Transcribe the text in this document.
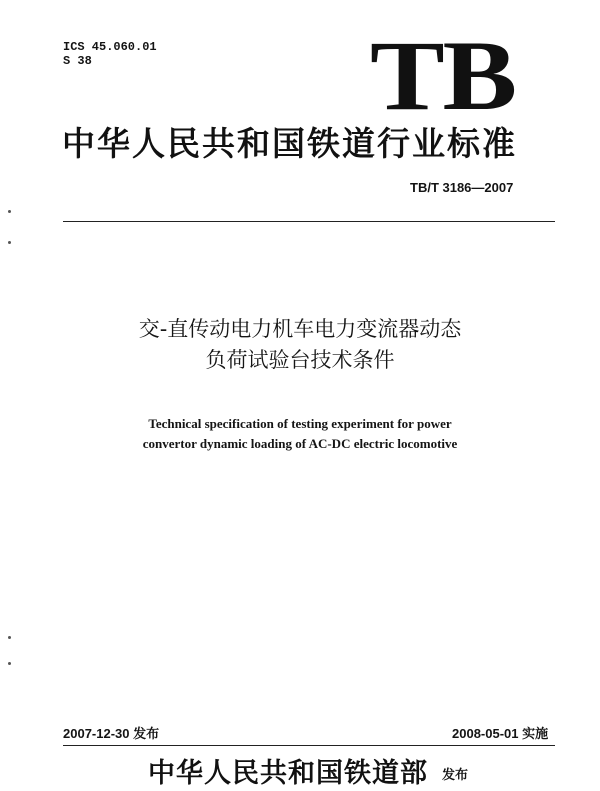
ICS 45.060.01
S 38	TB
中华人民共和国铁道行业标准
TB/T 3186—2007
交-直传动电力机车电力变流器动态
负荷试验台技术条件
Technical specification of testing experiment for power
convertor dynamic loading of AC-DC electric locomotive
2007-12-30 发布	2008-05-01 实施
中华人民共和国铁道部 发布
